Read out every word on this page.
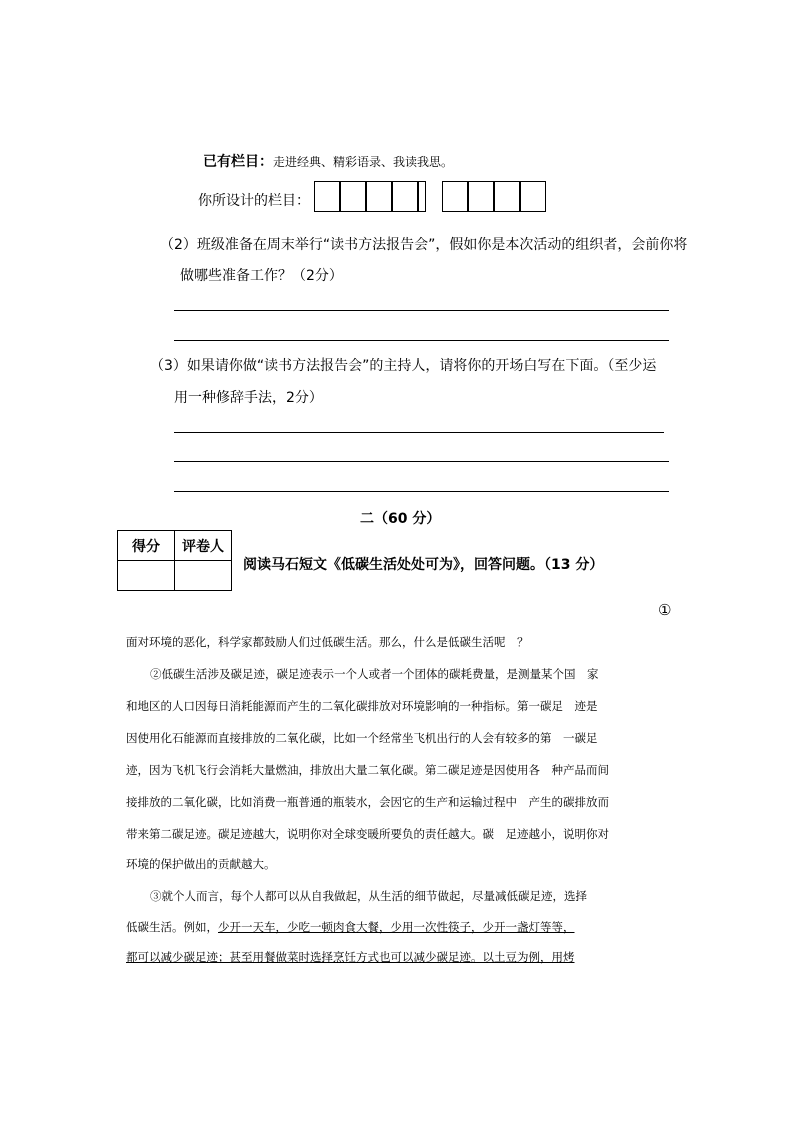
已有栏目：走进经典、精彩语录、我读我思。
你所设计的栏目：
（2）班级准备在周末举行“读书方法报告会”，假如你是本次活动的组织者，会前你将
做哪些准备工作？（2分）
（3）如果请你做“读书方法报告会”的主持人，请将你的开场白写在下面。（至少运
用一种修辞手法，2分）
二（60 分）
得分	评卷人

阅读马石短文《低碳生活处处可为》，回答问题。（13 分）
①
面对环境的恶化，科学家都鼓励人们过低碳生活。那么，什么是低碳生活呢　？
②低碳生活涉及碳足迹，碳足迹表示一个人或者一个团体的碳耗费量，是测量某个国　家
和地区的人口因每日消耗能源而产生的二氧化碳排放对环境影响的一种指标。第一碳足　迹是
因使用化石能源而直接排放的二氧化碳，比如一个经常坐飞机出行的人会有较多的第　一碳足
迹，因为飞机飞行会消耗大量燃油，排放出大量二氧化碳。第二碳足迹是因使用各　种产品而间
接排放的二氧化碳，比如消费一瓶普通的瓶装水，会因它的生产和运输过程中　产生的碳排放而
带来第二碳足迹。碳足迹越大，说明你对全球变暖所要负的责任越大。碳　足迹越小，说明你对
环境的保护做出的贡献越大。
③就个人而言，每个人都可以从自我做起，从生活的细节做起，尽量减低碳足迹，选择
低碳生活。例如，少开一天车，少吃一顿肉食大餐，少用一次性筷子，少开一盏灯等等，
都可以减少碳足迹；甚至用餐做菜时选择烹饪方式也可以减少碳足迹。以土豆为例，用烤
